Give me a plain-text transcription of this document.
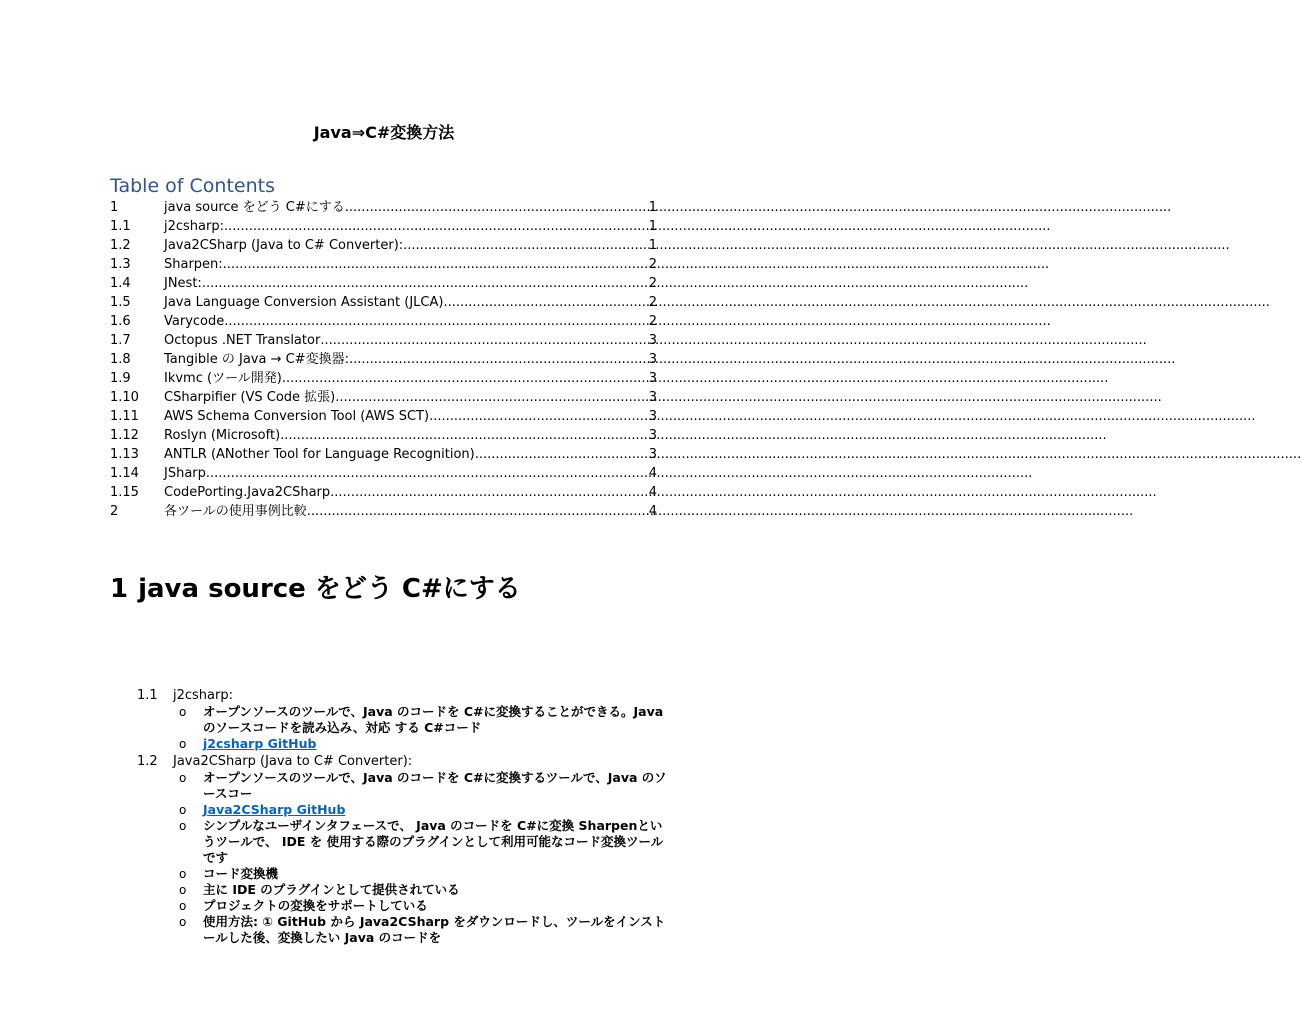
Java⇒C#変換方法
Table of Contents
1	java source をどう C#にする .....	1
1.1	j2csharp: .....	1
1.2	Java2CSharp (Java to C# Converter): .....	1
1.3	Sharpen: .....	2
1.4	JNest: .....	2
1.5	Java Language Conversion Assistant (JLCA) .....	2
1.6	Varycode .....	2
1.7	Octopus .NET Translator .....	3
1.8	Tangible の Java → C#変換器: .....	3
1.9	Ikvmc (ツール開発) .....	3
1.10	CSharpifier (VS Code 拡張) .....	3
1.11	AWS Schema Conversion Tool (AWS SCT) .....	3
1.12	Roslyn (Microsoft) .....	3
1.13	ANTLR (ANother Tool for Language Recognition) .....	3
1.14	JSharp .....	4
1.15	CodePorting.Java2CSharp .....	4
2	各ツールの使用事例比較 .....	4
1 java source をどう C#にする
1.1	j2csharp:
o オープンソースのツールで、Java のコードを C#に変換することができる。Java のソースコードを読み込み、対応 する C#コード
o j2csharp GitHub
1.2	Java2CSharp (Java to C# Converter):
o オープンソースのツールで、Java のコードを C#に変換するツールで、Java のソースコー
o Java2CSharp GitHub
o シンプルなユーザインタフェースで、 Java のコードを C#に変換 Sharpenというツールで、 IDE を 使用する際のプラグインとして利用可能なコード変換ツールです
o コード変換機
o 主に IDE のプラグインとして提供されている
o プロジェクトの変換をサポートしている
o 使用方法: ① GitHub から Java2CSharp をダウンロードし、ツールをインストールした後、変換したい Java のコードを
